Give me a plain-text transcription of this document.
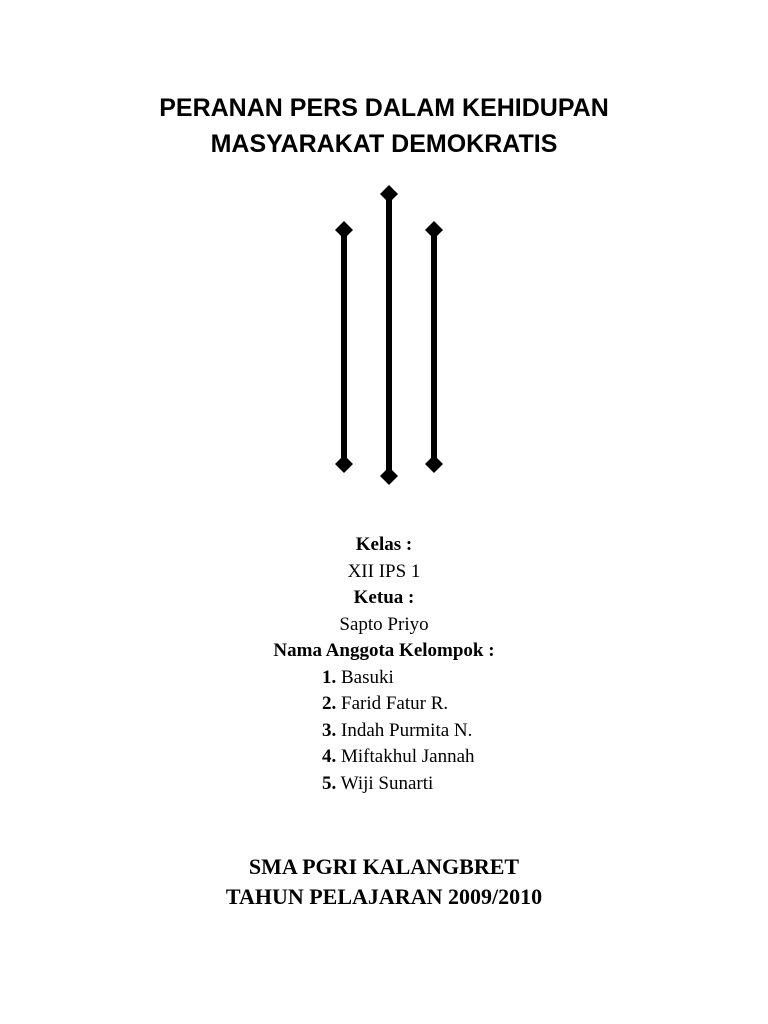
PERANAN PERS DALAM KEHIDUPAN
MASYARAKAT DEMOKRATIS
Kelas :
XII IPS 1
Ketua :
Sapto Priyo
Nama Anggota Kelompok :
1. Basuki
2. Farid Fatur R.
3. Indah Purmita N.
4. Miftakhul Jannah
5. Wiji Sunarti
SMA PGRI KALANGBRET
TAHUN PELAJARAN 2009/2010
